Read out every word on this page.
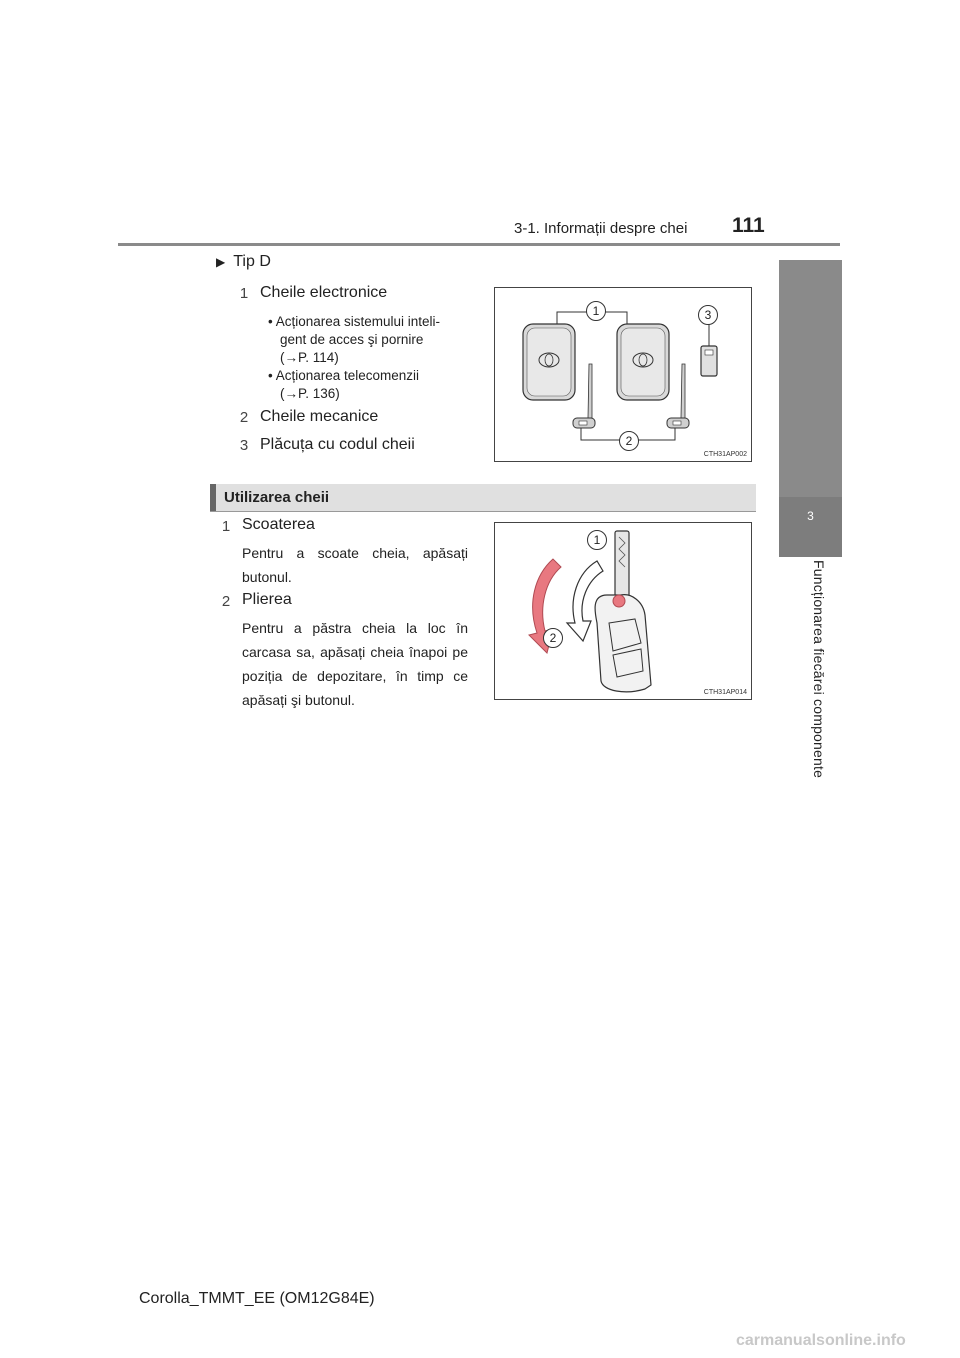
3-1. Informații despre chei 111
3
Funcționarea fiecărei componente
▶ Tip D
1 Cheile electronice
• Acționarea sistemului inteli-
gent de acces şi pornire
(→P. 114)
• Acționarea telecomenzii
(→P. 136)
2 Cheile mecanice
3 Plăcuța cu codul cheii
1
2
3
CTH31AP002
Utilizarea cheii
1 Scoaterea
Pentru a scoate cheia, apăsați butonul.
2 Plierea
Pentru a păstra cheia la loc în carcasa sa, apăsați cheia înapoi pe poziția de depozitare, în timp ce apăsați şi butonul.
1
2
CTH31AP014
Corolla_TMMT_EE (OM12G84E)
carmanualsonline.info
